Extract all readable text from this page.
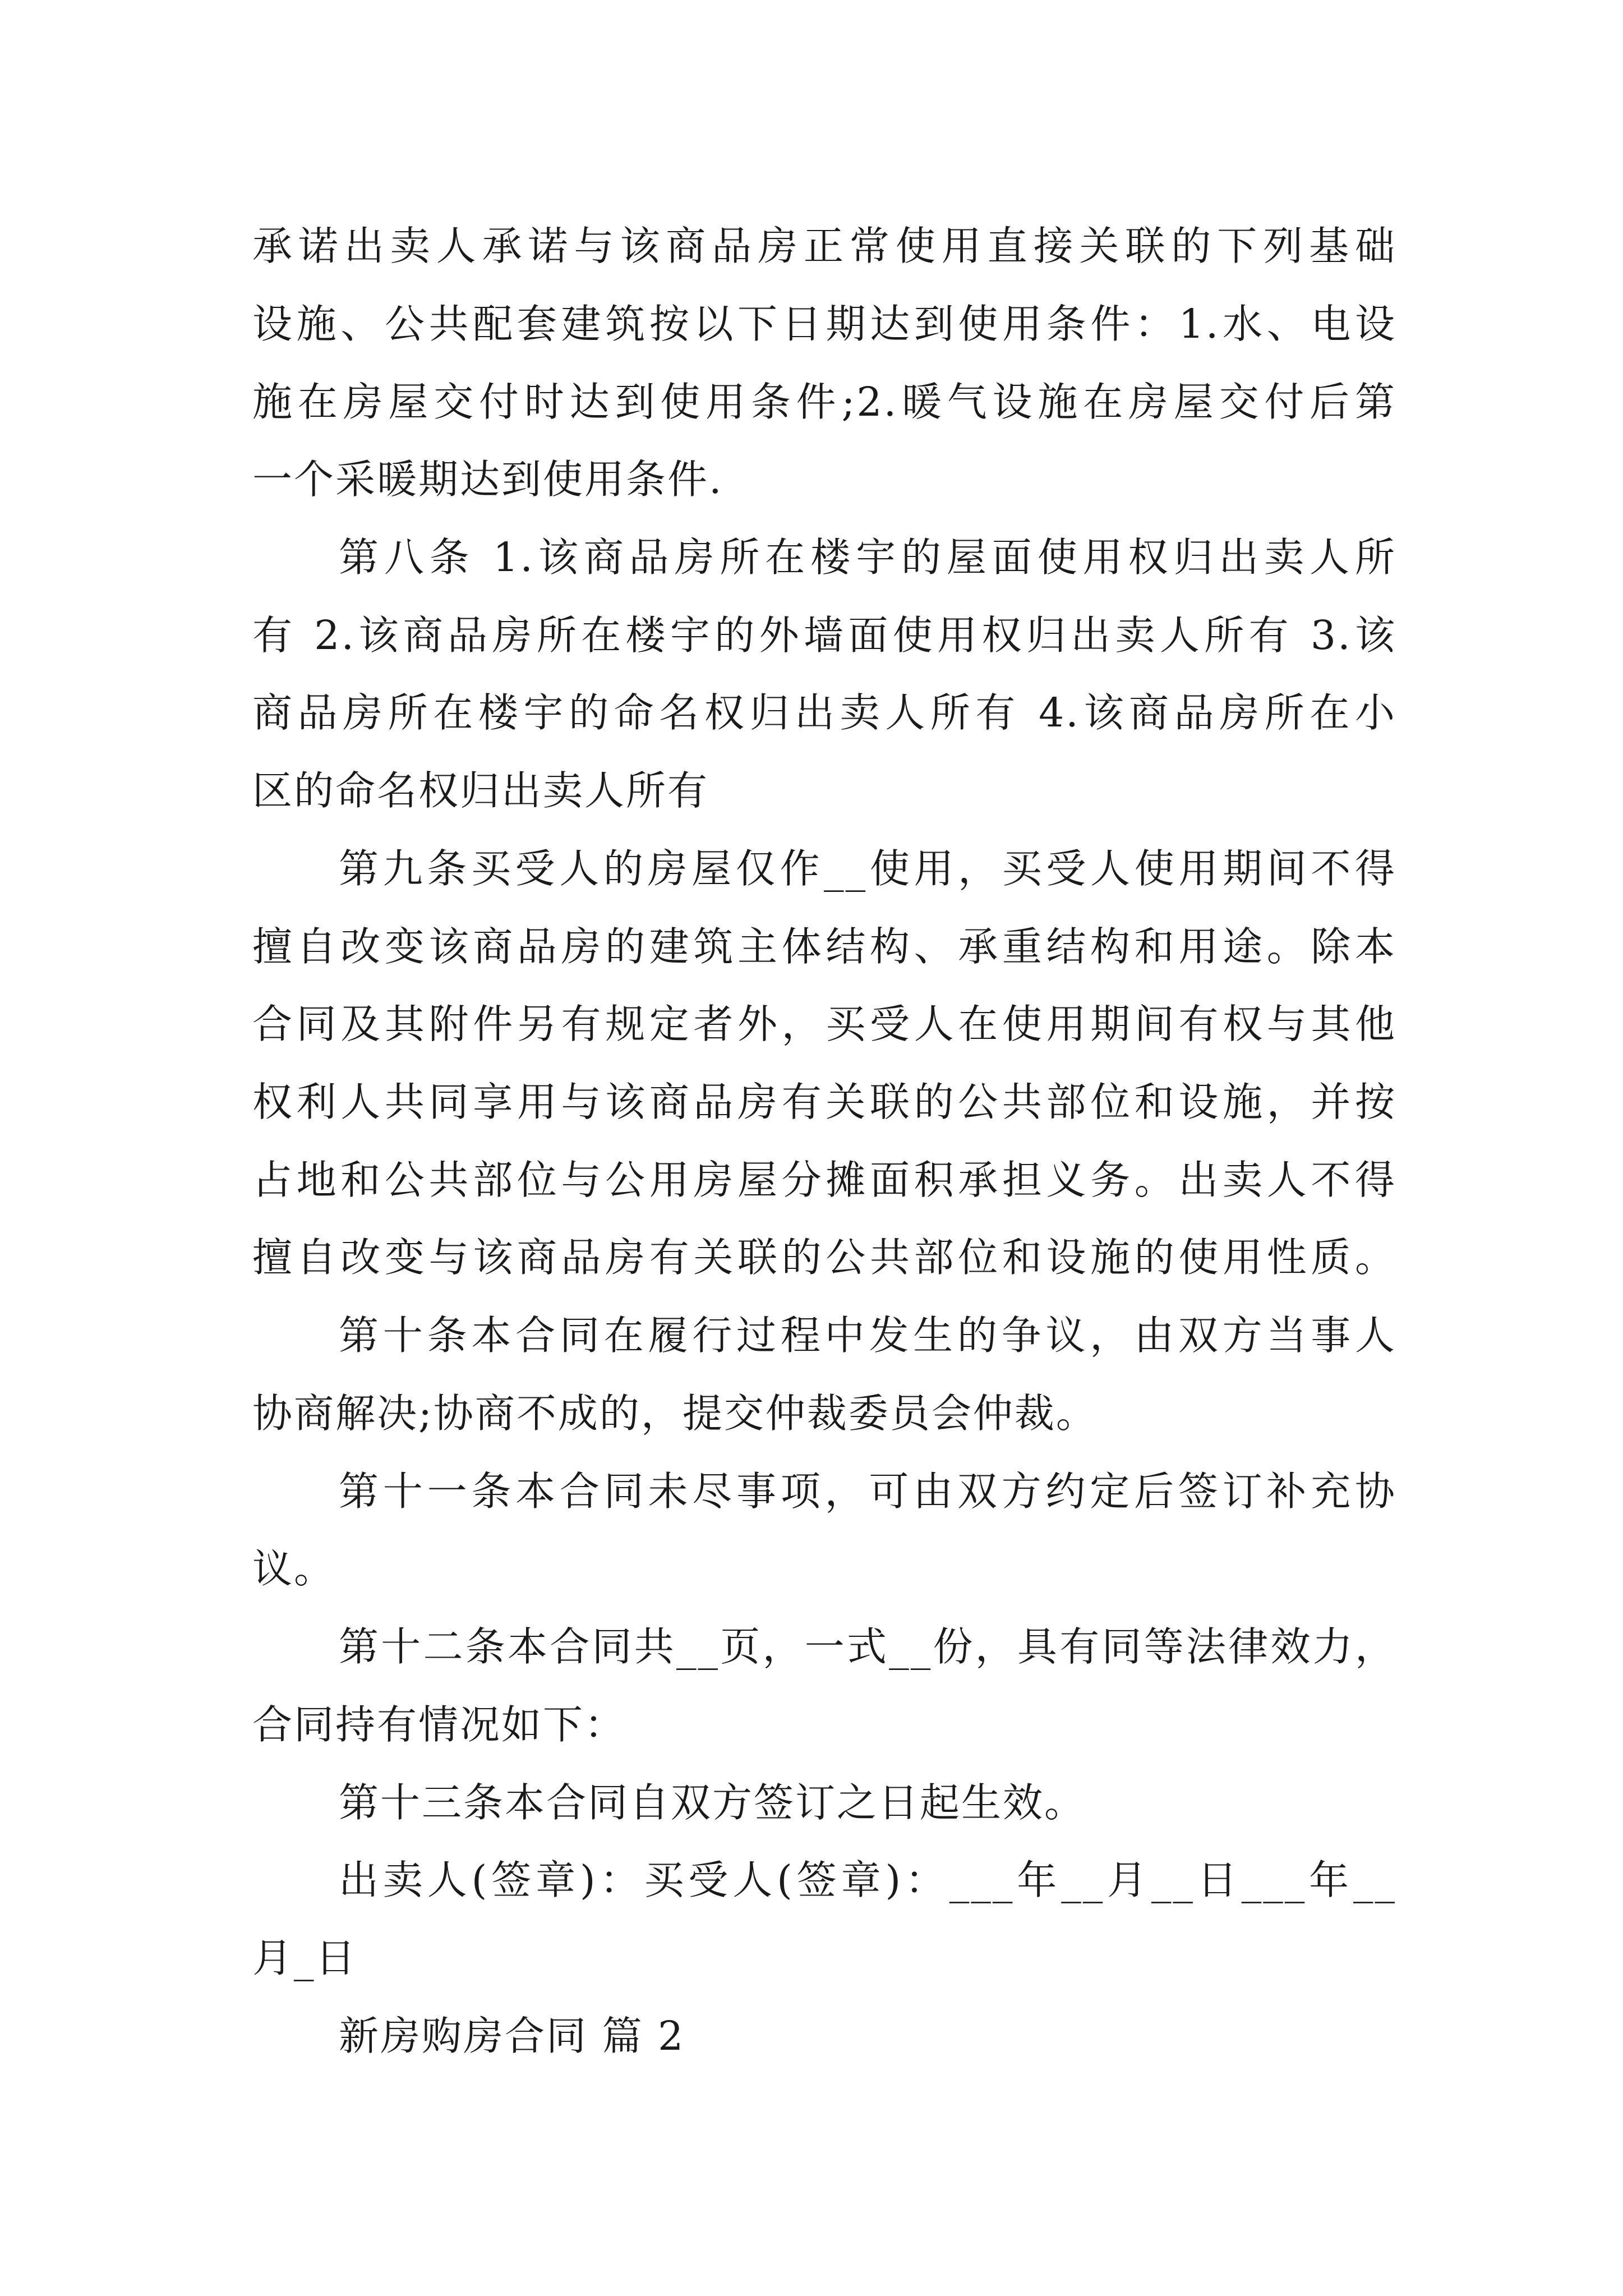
承诺出卖人承诺与该商品房正常使用直接关联的下列基础
设施、公共配套建筑按以下日期达到使用条件：1.水、电设
施在房屋交付时达到使用条件;2.暖气设施在房屋交付后第
一个采暖期达到使用条件.
第八条 1.该商品房所在楼宇的屋面使用权归出卖人所
有 2.该商品房所在楼宇的外墙面使用权归出卖人所有 3.该
商品房所在楼宇的命名权归出卖人所有 4.该商品房所在小
区的命名权归出卖人所有
第九条买受人的房屋仅作__使用，买受人使用期间不得
擅自改变该商品房的建筑主体结构、承重结构和用途。除本
合同及其附件另有规定者外，买受人在使用期间有权与其他
权利人共同享用与该商品房有关联的公共部位和设施，并按
占地和公共部位与公用房屋分摊面积承担义务。出卖人不得
擅自改变与该商品房有关联的公共部位和设施的使用性质。
第十条本合同在履行过程中发生的争议，由双方当事人
协商解决;协商不成的，提交仲裁委员会仲裁。
第十一条本合同未尽事项，可由双方约定后签订补充协
议。
第十二条本合同共__页，一式__份，具有同等法律效力，
合同持有情况如下：
第十三条本合同自双方签订之日起生效。
出卖人(签章)：买受人(签章)：___年__月__日___年__
月_日
新房购房合同 篇 2
